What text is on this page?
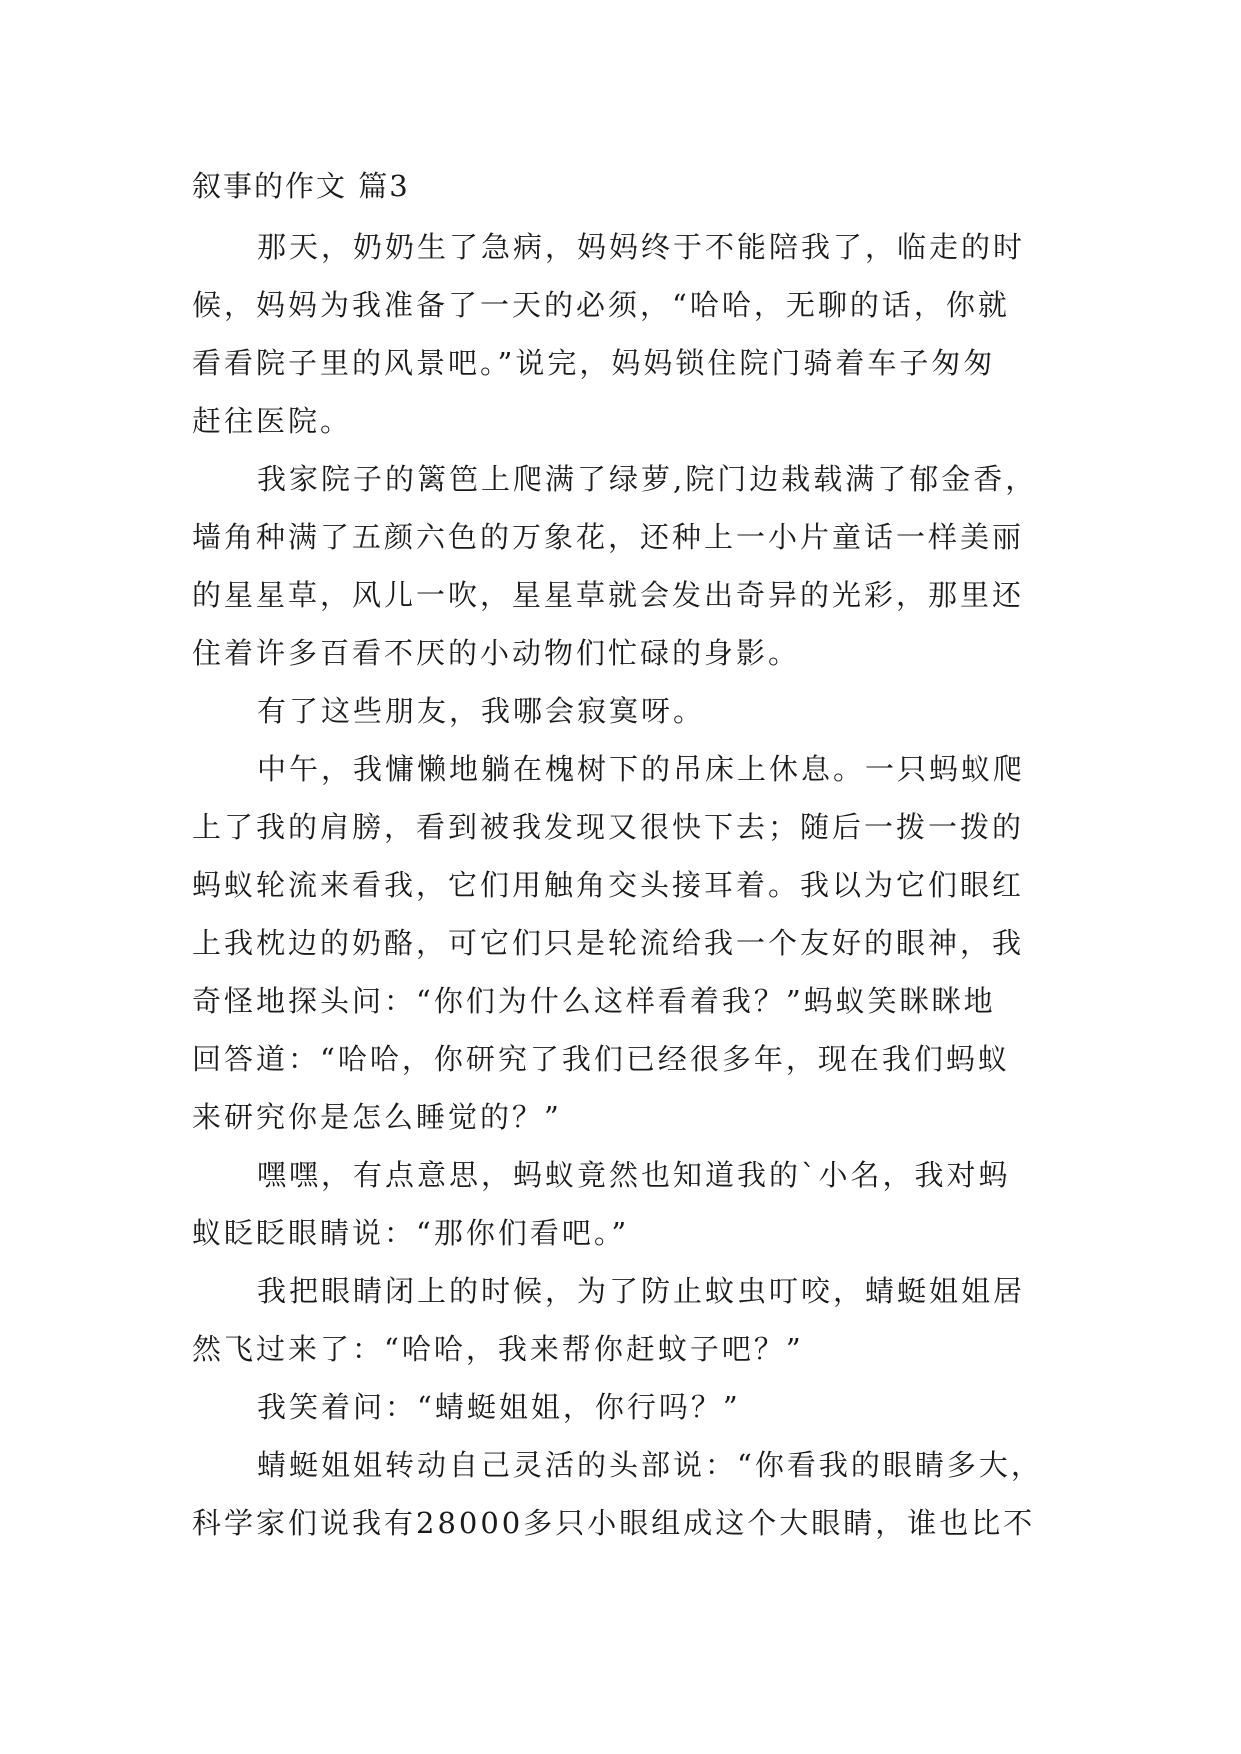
叙事的作文 篇3
那天，奶奶生了急病，妈妈终于不能陪我了，临走的时
候，妈妈为我准备了一天的必须，“哈哈，无聊的话，你就
看看院子里的风景吧。”说完，妈妈锁住院门骑着车子匆匆
赶往医院。
我家院子的篱笆上爬满了绿萝,院门边栽载满了郁金香，
墙角种满了五颜六色的万象花，还种上一小片童话一样美丽
的星星草，风儿一吹，星星草就会发出奇异的光彩，那里还
住着许多百看不厌的小动物们忙碌的身影。
有了这些朋友，我哪会寂寞呀。
中午，我慵懒地躺在槐树下的吊床上休息。一只蚂蚁爬
上了我的肩膀，看到被我发现又很快下去；随后一拨一拨的
蚂蚁轮流来看我，它们用触角交头接耳着。我以为它们眼红
上我枕边的奶酪，可它们只是轮流给我一个友好的眼神，我
奇怪地探头问：“你们为什么这样看着我？”蚂蚁笑眯眯地
回答道：“哈哈，你研究了我们已经很多年，现在我们蚂蚁
来研究你是怎么睡觉的？”
嘿嘿，有点意思，蚂蚁竟然也知道我的`小名，我对蚂
蚁眨眨眼睛说：“那你们看吧。”
我把眼睛闭上的时候，为了防止蚊虫叮咬，蜻蜓姐姐居
然飞过来了：“哈哈，我来帮你赶蚊子吧？”
我笑着问：“蜻蜓姐姐，你行吗？”
蜻蜓姐姐转动自己灵活的头部说：“你看我的眼睛多大，
科学家们说我有28000多只小眼组成这个大眼睛，谁也比不
